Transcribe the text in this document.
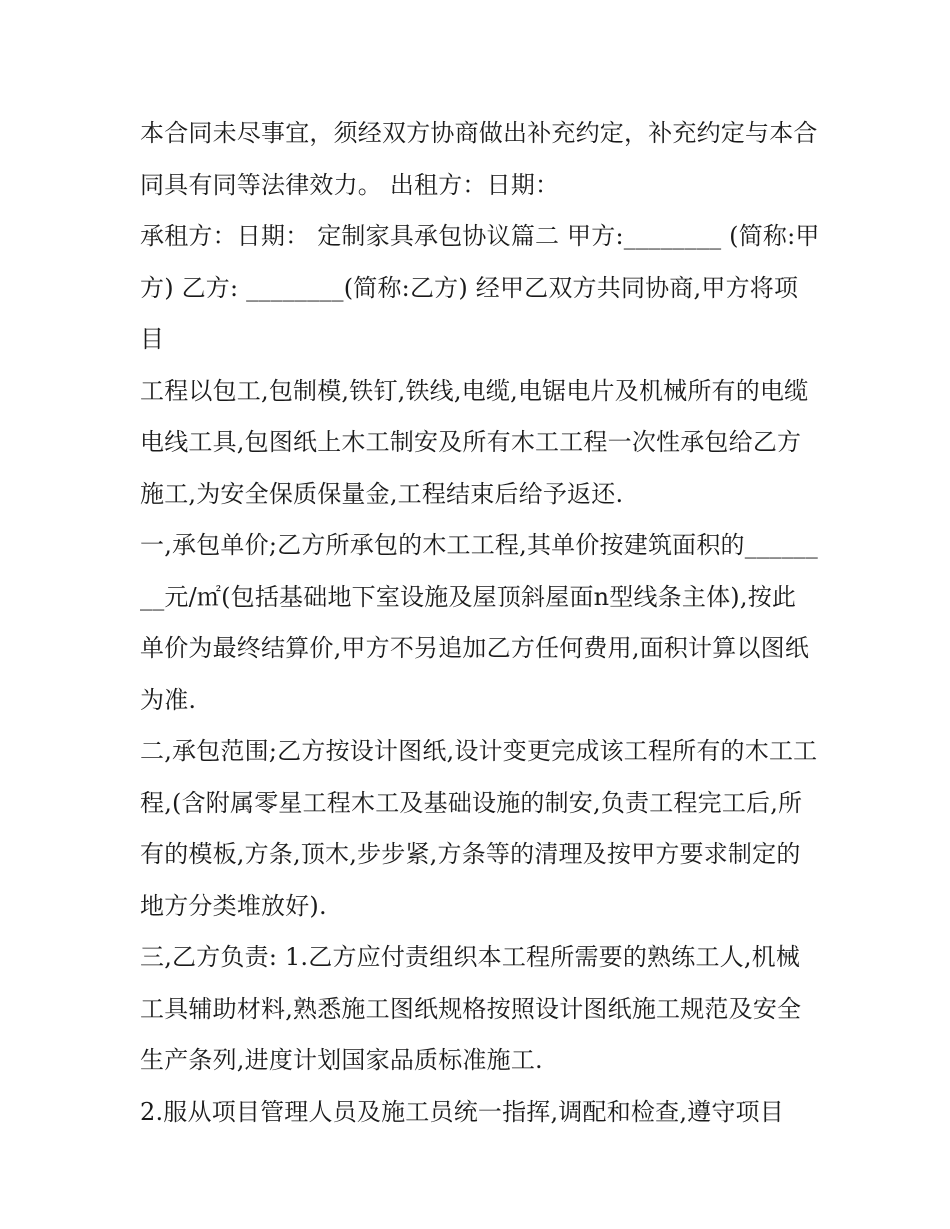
本合同未尽事宜，须经双方协商做出补充约定，补充约定与本合同具有同等法律效力。 出租方：日期：

承租方：日期： 定制家具承包协议篇二 甲方:________ (简称:甲方) 乙方: ________(简称:乙方) 经甲乙双方共同协商,甲方将项目

工程以包工,包制模,铁钉,铁线,电缆,电锯电片及机械所有的电缆电线工具,包图纸上木工制安及所有木工工程一次性承包给乙方施工,为安全保质保量金,工程结束后给予返还.

一,承包单价;乙方所承包的木工工程,其单价按建筑面积的________元/㎡(包括基础地下室设施及屋顶斜屋面n型线条主体),按此单价为最终结算价,甲方不另追加乙方任何费用,面积计算以图纸为准.

二,承包范围;乙方按设计图纸,设计变更完成该工程所有的木工工程,(含附属零星工程木工及基础设施的制安,负责工程完工后,所有的模板,方条,顶木,步步紧,方条等的清理及按甲方要求制定的地方分类堆放好).

三,乙方负责: 1.乙方应付责组织本工程所需要的熟练工人,机械工具辅助材料,熟悉施工图纸规格按照设计图纸施工规范及安全生产条列,进度计划国家品质标准施工.

2.服从项目管理人员及施工员统一指挥,调配和检查,遵守项目
